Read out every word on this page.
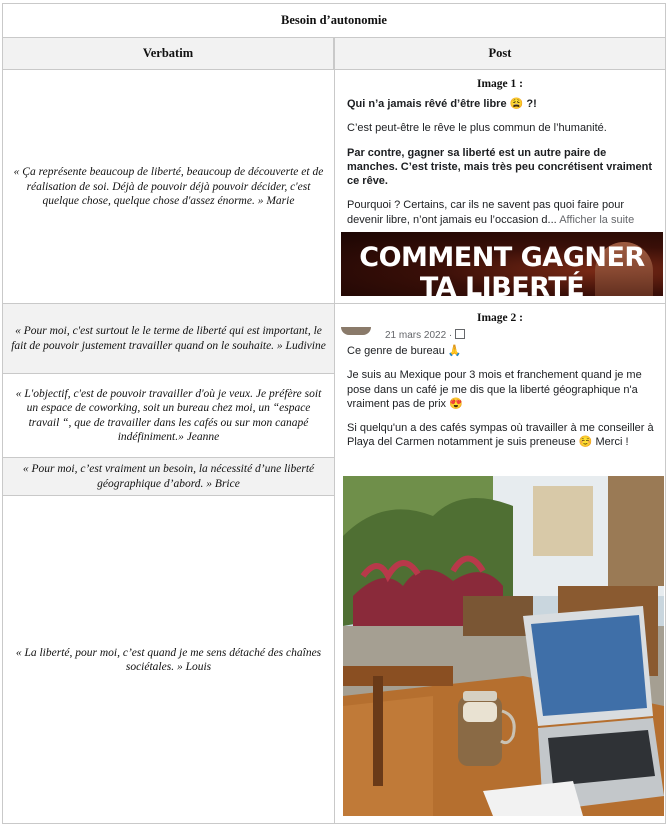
Besoin d’autonomie
Verbatim	Post
« Ça représente beaucoup de liberté, beaucoup de découverte et de réalisation de soi. Déjà de pouvoir déjà pouvoir décider, c'est quelque chose, quelque chose d'assez énorme. » Marie
« Pour moi, c'est surtout le le terme de liberté qui est important, le fait de pouvoir justement travailler quand on le souhaite. » Ludivine
« L'objectif, c'est de pouvoir travailler d'où je veux. Je préfère soit un espace de coworking, soit un bureau chez moi, un “espace travail “, que de travailler dans les cafés ou sur mon canapé indéfiniment.» Jeanne
« Pour moi, c’est vraiment un besoin, la nécessité d’une liberté géographique d’abord. » Brice
« La liberté, pour moi, c’est quand je me sens détaché des chaînes sociétales. » Louis
Image 1 :

Qui n’a jamais rêvé d’être libre 😩 ?!

C’est peut-être le rêve le plus commun de l’humanité.

Par contre, gagner sa liberté est un autre paire de manches. C’est triste, mais très peu concrétisent vraiment ce rêve.

Pourquoi ? Certains, car ils ne savent pas quoi faire pour devenir libre, n’ont jamais eu l’occasion d... Afficher la suite

COMMENT GAGNER
TA LIBERTÉ
Image 2 :
21 mars 2022 ·

Ce genre de bureau 🙏

Je suis au Mexique pour 3 mois et franchement quand je me pose dans un café je me dis que la liberté géographique n'a vraiment pas de prix 😍

Si quelqu'un a des cafés sympas où travailler à me conseiller à Playa del Carmen notamment je suis preneuse ☺️ Merci !
